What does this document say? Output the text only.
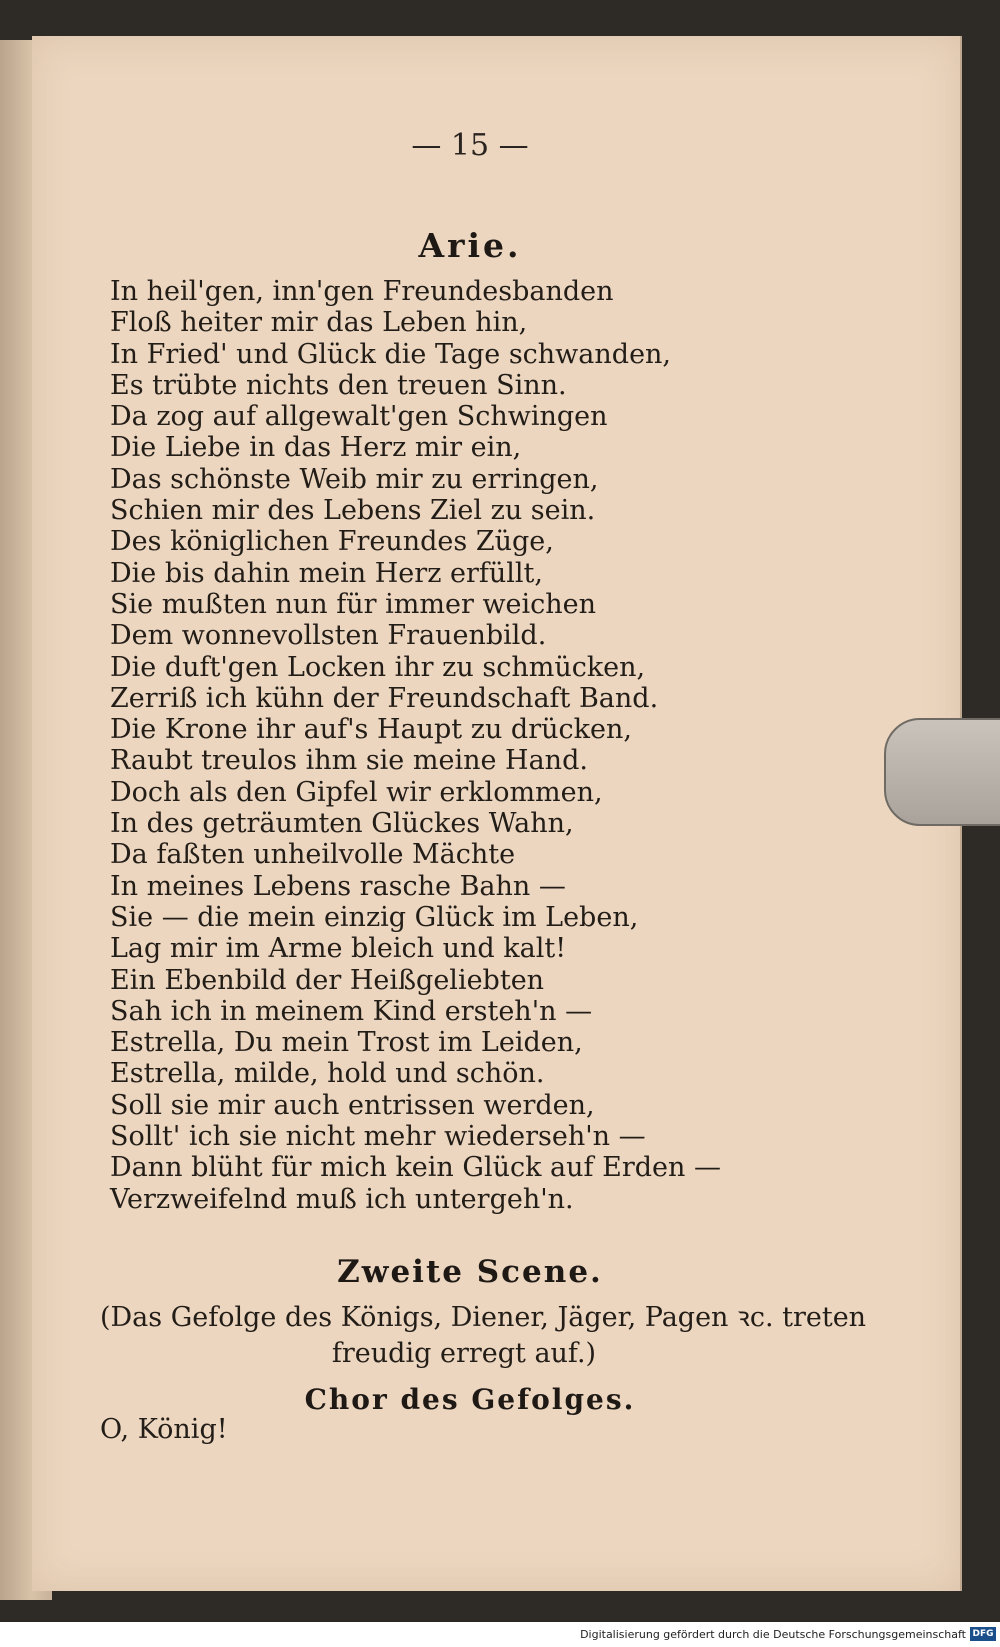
— 15 —
Arie.
In heil'gen, inn'gen Freundesbanden
Floß heiter mir das Leben hin,
In Fried' und Glück die Tage schwanden,
Es trübte nichts den treuen Sinn.
Da zog auf allgewalt'gen Schwingen
Die Liebe in das Herz mir ein,
Das schönste Weib mir zu erringen,
Schien mir des Lebens Ziel zu sein.
Des königlichen Freundes Züge,
Die bis dahin mein Herz erfüllt,
Sie mußten nun für immer weichen
Dem wonnevollsten Frauenbild.
Die duft'gen Locken ihr zu schmücken,
Zerriß ich kühn der Freundschaft Band.
Die Krone ihr auf's Haupt zu drücken,
Raubt treulos ihm sie meine Hand.
Doch als den Gipfel wir erklommen,
In des geträumten Glückes Wahn,
Da faßten unheilvolle Mächte
In meines Lebens rasche Bahn —
Sie — die mein einzig Glück im Leben,
Lag mir im Arme bleich und kalt!
Ein Ebenbild der Heißgeliebten
Sah ich in meinem Kind ersteh'n —
Estrella, Du mein Trost im Leiden,
Estrella, milde, hold und schön.
Soll sie mir auch entrissen werden,
Sollt' ich sie nicht mehr wiederseh'n —
Dann blüht für mich kein Glück auf Erden —
Verzweifelnd muß ich untergeh'n.
Zweite Scene.
(Das Gefolge des Königs, Diener, Jäger, Pagen ꝛc. treten
freudig erregt auf.)
Chor des Gefolges.
O, König!
Digitalisierung gefördert durch die Deutsche Forschungsgemeinschaft DFG
